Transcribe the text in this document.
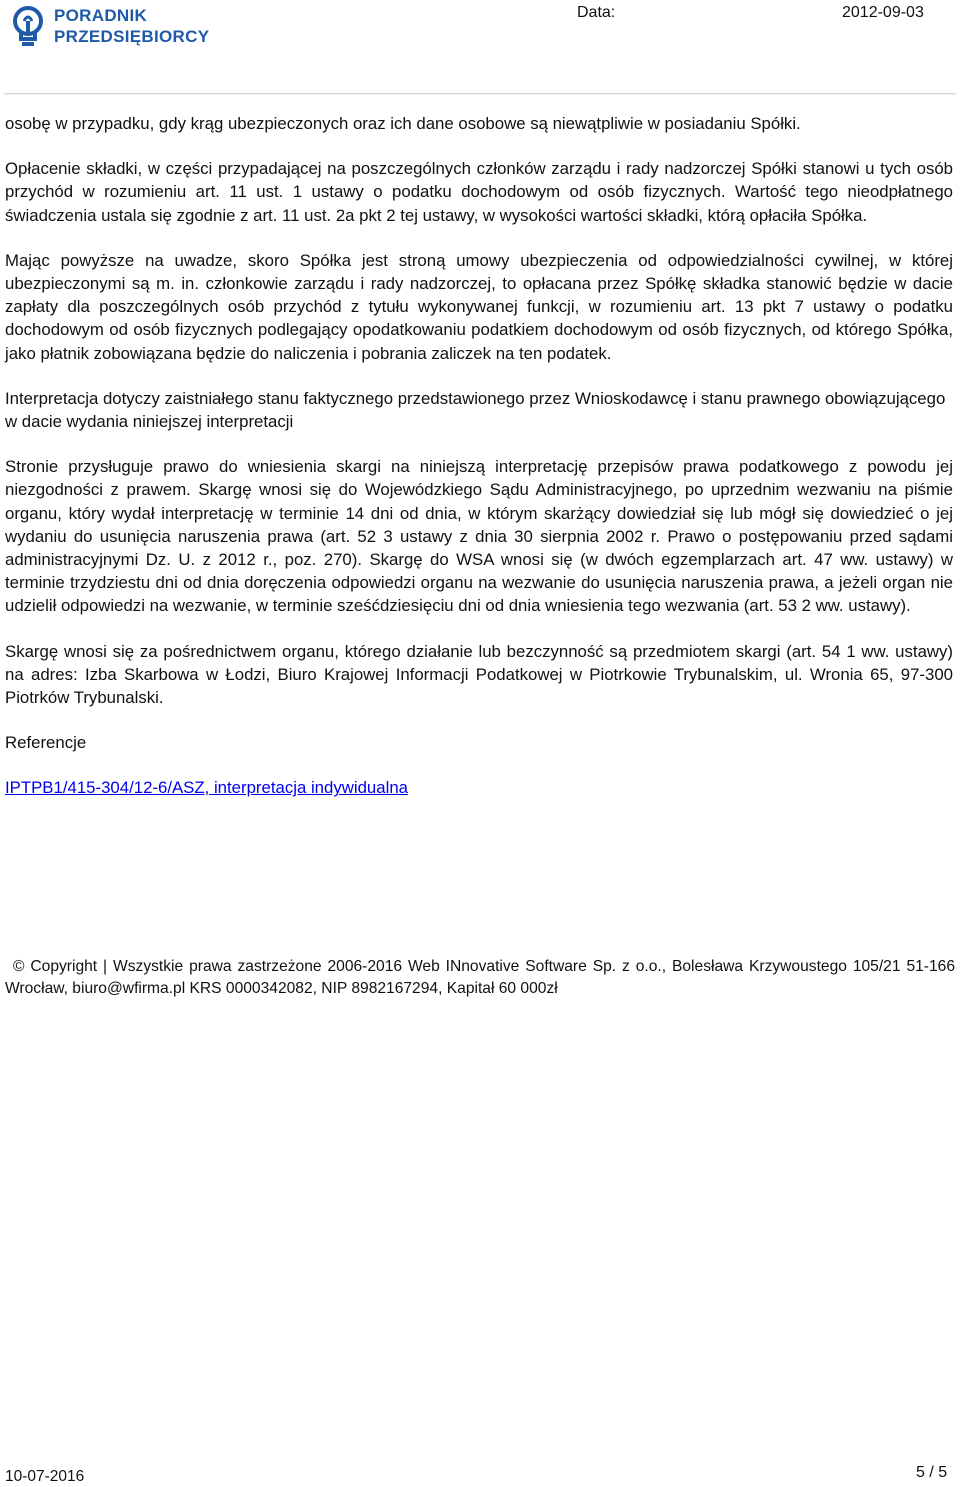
PORADNIK
PRZEDSIĘBIORCY
Data:	2012-09-03

osobę w przypadku, gdy krąg ubezpieczonych oraz ich dane osobowe są niewątpliwie w posiadaniu Spółki.

Opłacenie składki, w części przypadającej na poszczególnych członków zarządu i rady nadzorczej Spółki stanowi u tych osób przychód w rozumieniu art. 11 ust. 1 ustawy o podatku dochodowym od osób fizycznych. Wartość tego nieodpłatnego świadczenia ustala się zgodnie z art. 11 ust. 2a pkt 2 tej ustawy, w wysokości wartości składki, którą opłaciła Spółka.

Mając powyższe na uwadze, skoro Spółka jest stroną umowy ubezpieczenia od odpowiedzialności cywilnej, w której ubezpieczonymi są m. in. członkowie zarządu i rady nadzorczej, to opłacana przez Spółkę składka stanowić będzie w dacie zapłaty dla poszczególnych osób przychód z tytułu wykonywanej funkcji, w rozumieniu art. 13 pkt 7 ustawy o podatku dochodowym od osób fizycznych podlegający opodatkowaniu podatkiem dochodowym od osób fizycznych, od którego Spółka, jako płatnik zobowiązana będzie do naliczenia i pobrania zaliczek na ten podatek.

Interpretacja dotyczy zaistniałego stanu faktycznego przedstawionego przez Wnioskodawcę i stanu prawnego obowiązującego w dacie wydania niniejszej interpretacji

Stronie przysługuje prawo do wniesienia skargi na niniejszą interpretację przepisów prawa podatkowego z powodu jej niezgodności z prawem. Skargę wnosi się do Wojewódzkiego Sądu Administracyjnego, po uprzednim wezwaniu na piśmie organu, który wydał interpretację w terminie 14 dni od dnia, w którym skarżący dowiedział się lub mógł się dowiedzieć o jej wydaniu do usunięcia naruszenia prawa (art. 52 3 ustawy z dnia 30 sierpnia 2002 r. Prawo o postępowaniu przed sądami administracyjnymi Dz. U. z 2012 r., poz. 270). Skargę do WSA wnosi się (w dwóch egzemplarzach art. 47 ww. ustawy) w terminie trzydziestu dni od dnia doręczenia odpowiedzi organu na wezwanie do usunięcia naruszenia prawa, a jeżeli organ nie udzielił odpowiedzi na wezwanie, w terminie sześćdziesięciu dni od dnia wniesienia tego wezwania (art. 53 2 ww. ustawy).

Skargę wnosi się za pośrednictwem organu, którego działanie lub bezczynność są przedmiotem skargi (art. 54 1 ww. ustawy) na adres: Izba Skarbowa w Łodzi, Biuro Krajowej Informacji Podatkowej w Piotrkowie Trybunalskim, ul. Wronia 65, 97-300 Piotrków Trybunalski.

Referencje

IPTPB1/415-304/12-6/ASZ, interpretacja indywidualna

© Copyright | Wszystkie prawa zastrzeżone 2006-2016 Web INnovative Software Sp. z o.o., Bolesława Krzywoustego 105/21 51-166 Wrocław, biuro@wfirma.pl KRS 0000342082, NIP 8982167294, Kapitał 60 000zł
10-07-2016	5 / 5
